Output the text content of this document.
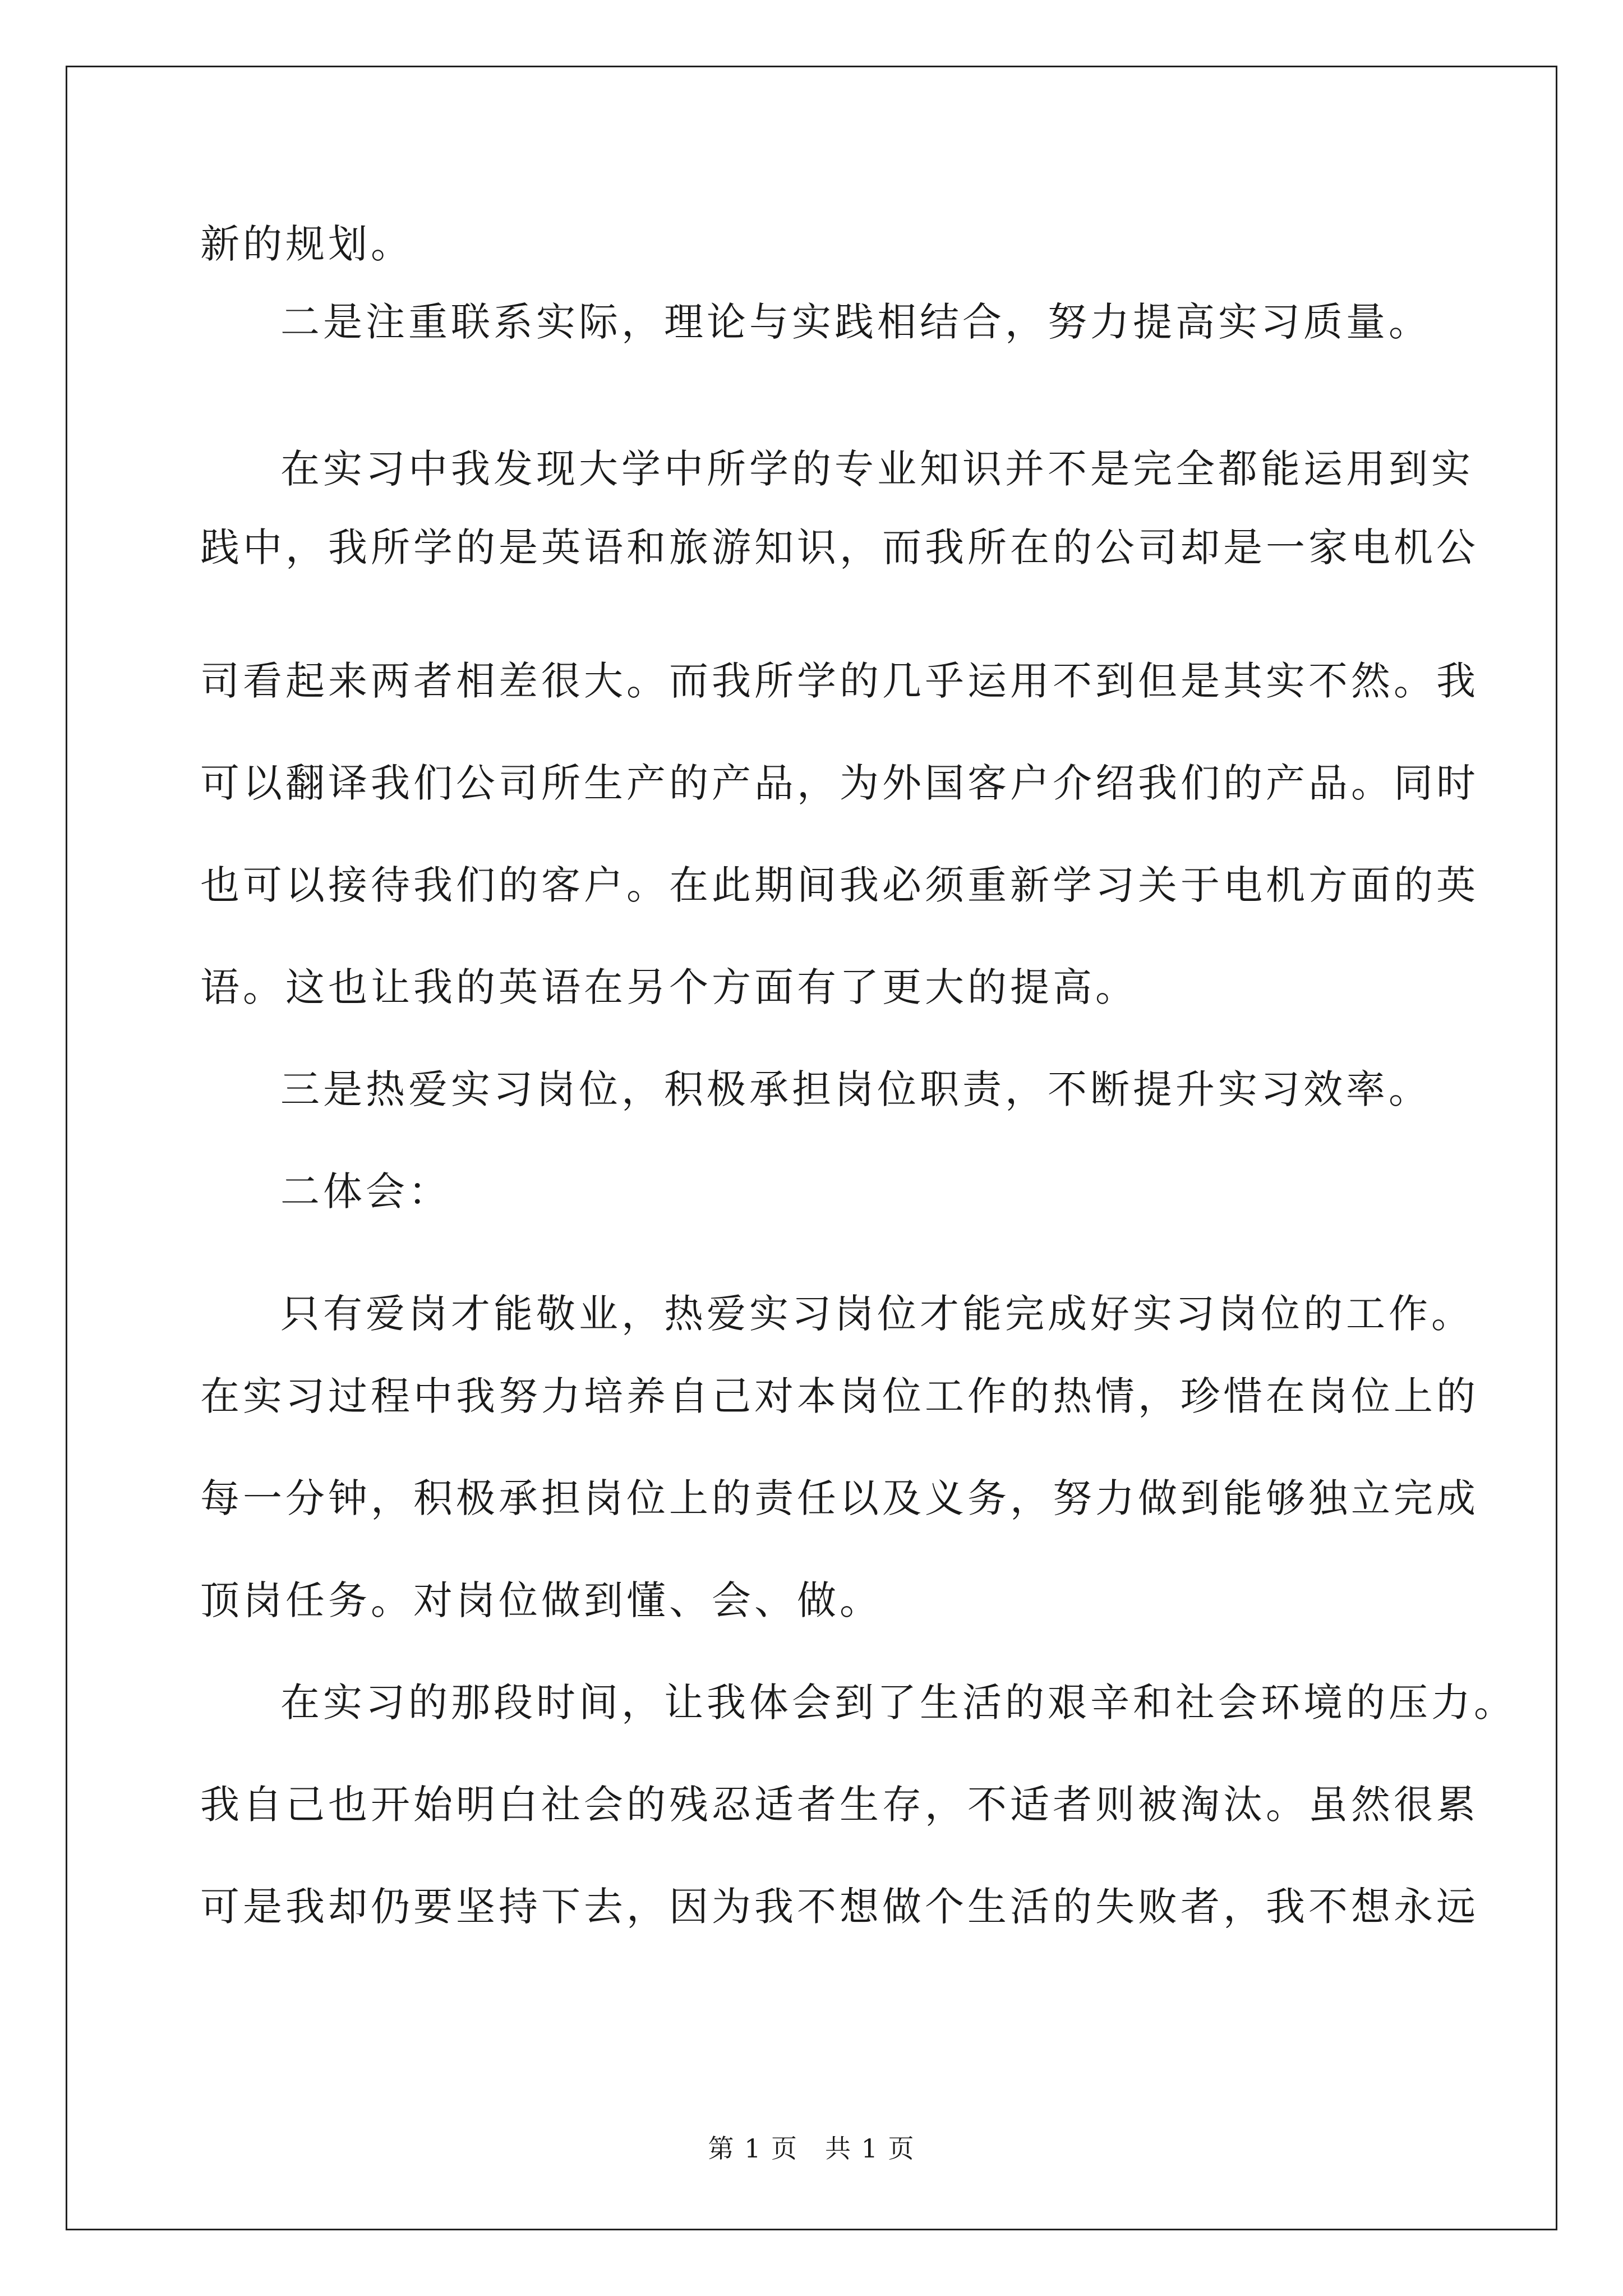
新的规划。
二是注重联系实际，理论与实践相结合，努力提高实习质量。
在实习中我发现大学中所学的专业知识并不是完全都能运用到实
践中，我所学的是英语和旅游知识，而我所在的公司却是一家电机公
司看起来两者相差很大。而我所学的几乎运用不到但是其实不然。我
可以翻译我们公司所生产的产品，为外国客户介绍我们的产品。同时
也可以接待我们的客户。在此期间我必须重新学习关于电机方面的英
语。这也让我的英语在另个方面有了更大的提高。
三是热爱实习岗位，积极承担岗位职责，不断提升实习效率。
二体会：
只有爱岗才能敬业，热爱实习岗位才能完成好实习岗位的工作。
在实习过程中我努力培养自己对本岗位工作的热情，珍惜在岗位上的
每一分钟，积极承担岗位上的责任以及义务，努力做到能够独立完成
顶岗任务。对岗位做到懂、会、做。
在实习的那段时间，让我体会到了生活的艰辛和社会环境的压力。
我自己也开始明白社会的残忍适者生存，不适者则被淘汰。虽然很累
可是我却仍要坚持下去，因为我不想做个生活的失败者，我不想永远
第 1 页　共 1 页
